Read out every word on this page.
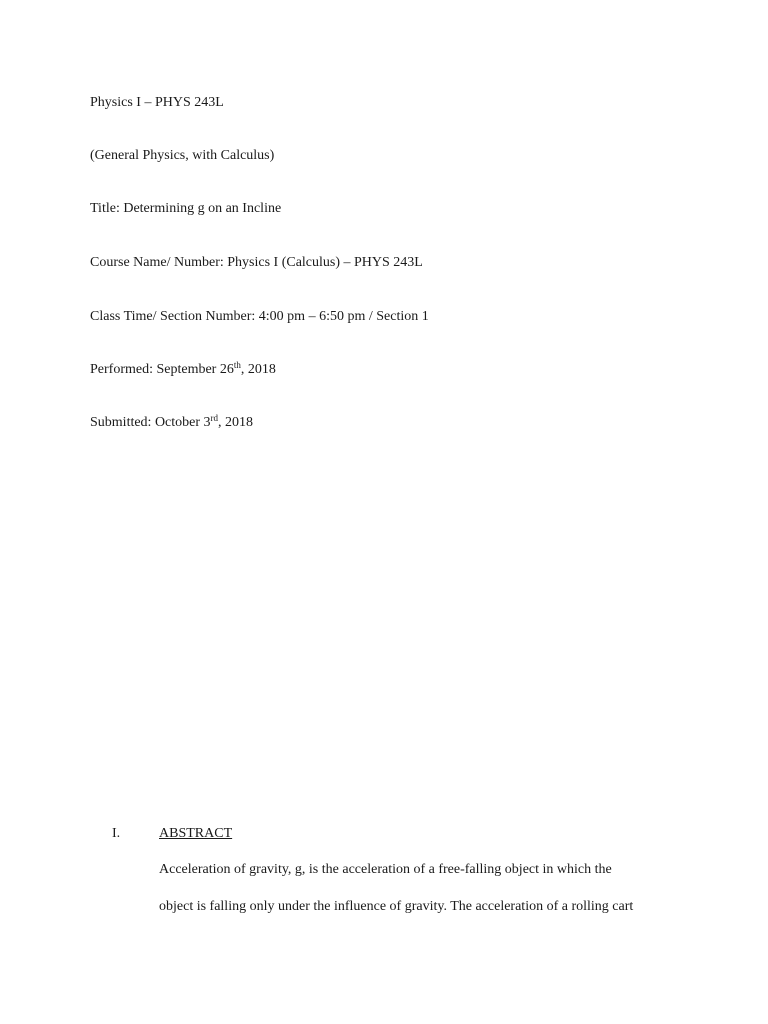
Physics I – PHYS 243L
(General Physics, with Calculus)
Title: Determining g on an Incline
Course Name/ Number: Physics I (Calculus) – PHYS 243L
Class Time/ Section Number: 4:00 pm – 6:50 pm / Section 1
Performed: September 26th, 2018
Submitted: October 3rd, 2018
I.	ABSTRACT
Acceleration of gravity, g, is the acceleration of a free-falling object in which the
object is falling only under the influence of gravity. The acceleration of a rolling cart
